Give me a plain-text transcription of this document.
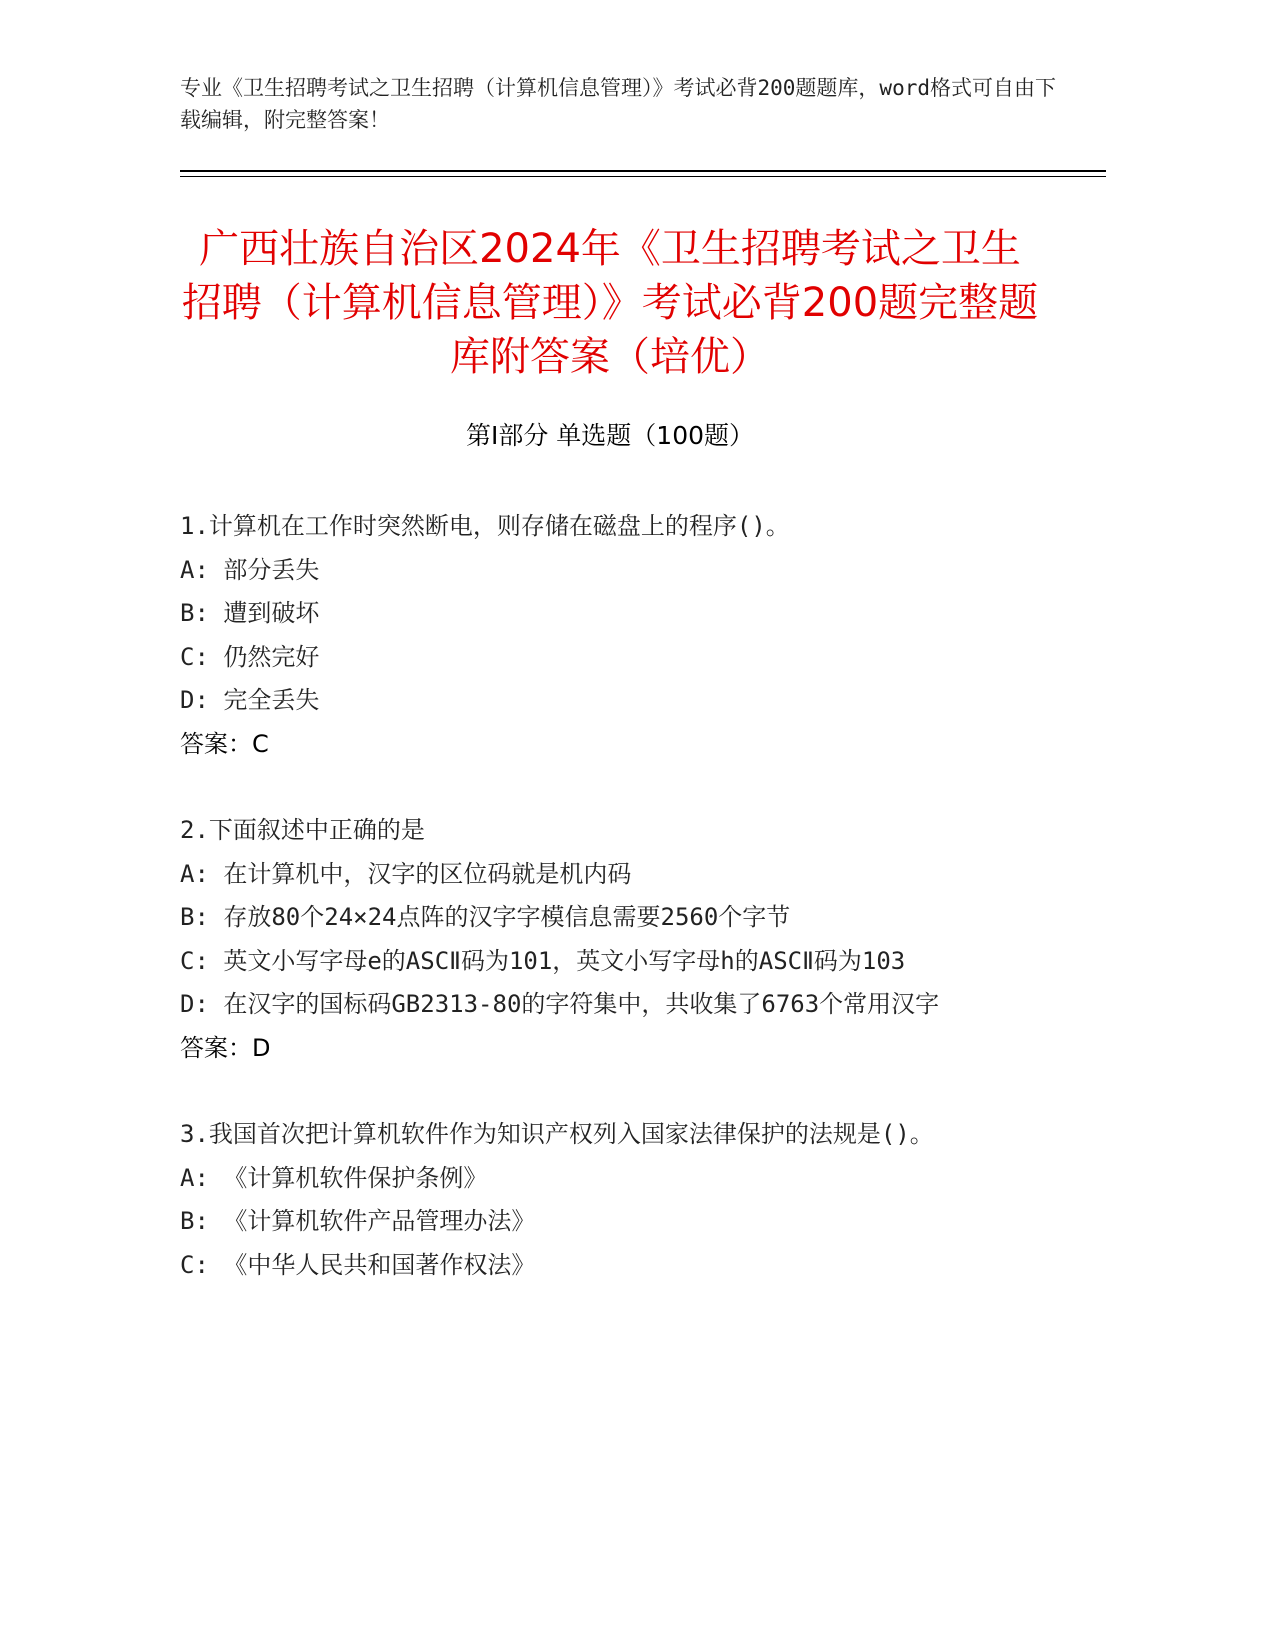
专业《卫生招聘考试之卫生招聘（计算机信息管理）》考试必背200题题库，word格式可自由下载编辑，附完整答案！
广西壮族自治区2024年《卫生招聘考试之卫生招聘（计算机信息管理）》考试必背200题完整题库附答案（培优）
第Ⅰ部分 单选题（100题）
1.计算机在工作时突然断电，则存储在磁盘上的程序()。
A: 部分丢失
B: 遭到破坏
C: 仍然完好
D: 完全丢失
答案：C
2.下面叙述中正确的是
A: 在计算机中，汉字的区位码就是机内码
B: 存放80个24×24点阵的汉字字模信息需要2560个字节
C: 英文小写字母e的ASCⅡ码为101，英文小写字母h的ASCⅡ码为103
D: 在汉字的国标码GB2313-80的字符集中，共收集了6763个常用汉字
答案：D
3.我国首次把计算机软件作为知识产权列入国家法律保护的法规是()。
A: 《计算机软件保护条例》
B: 《计算机软件产品管理办法》
C: 《中华人民共和国著作权法》
